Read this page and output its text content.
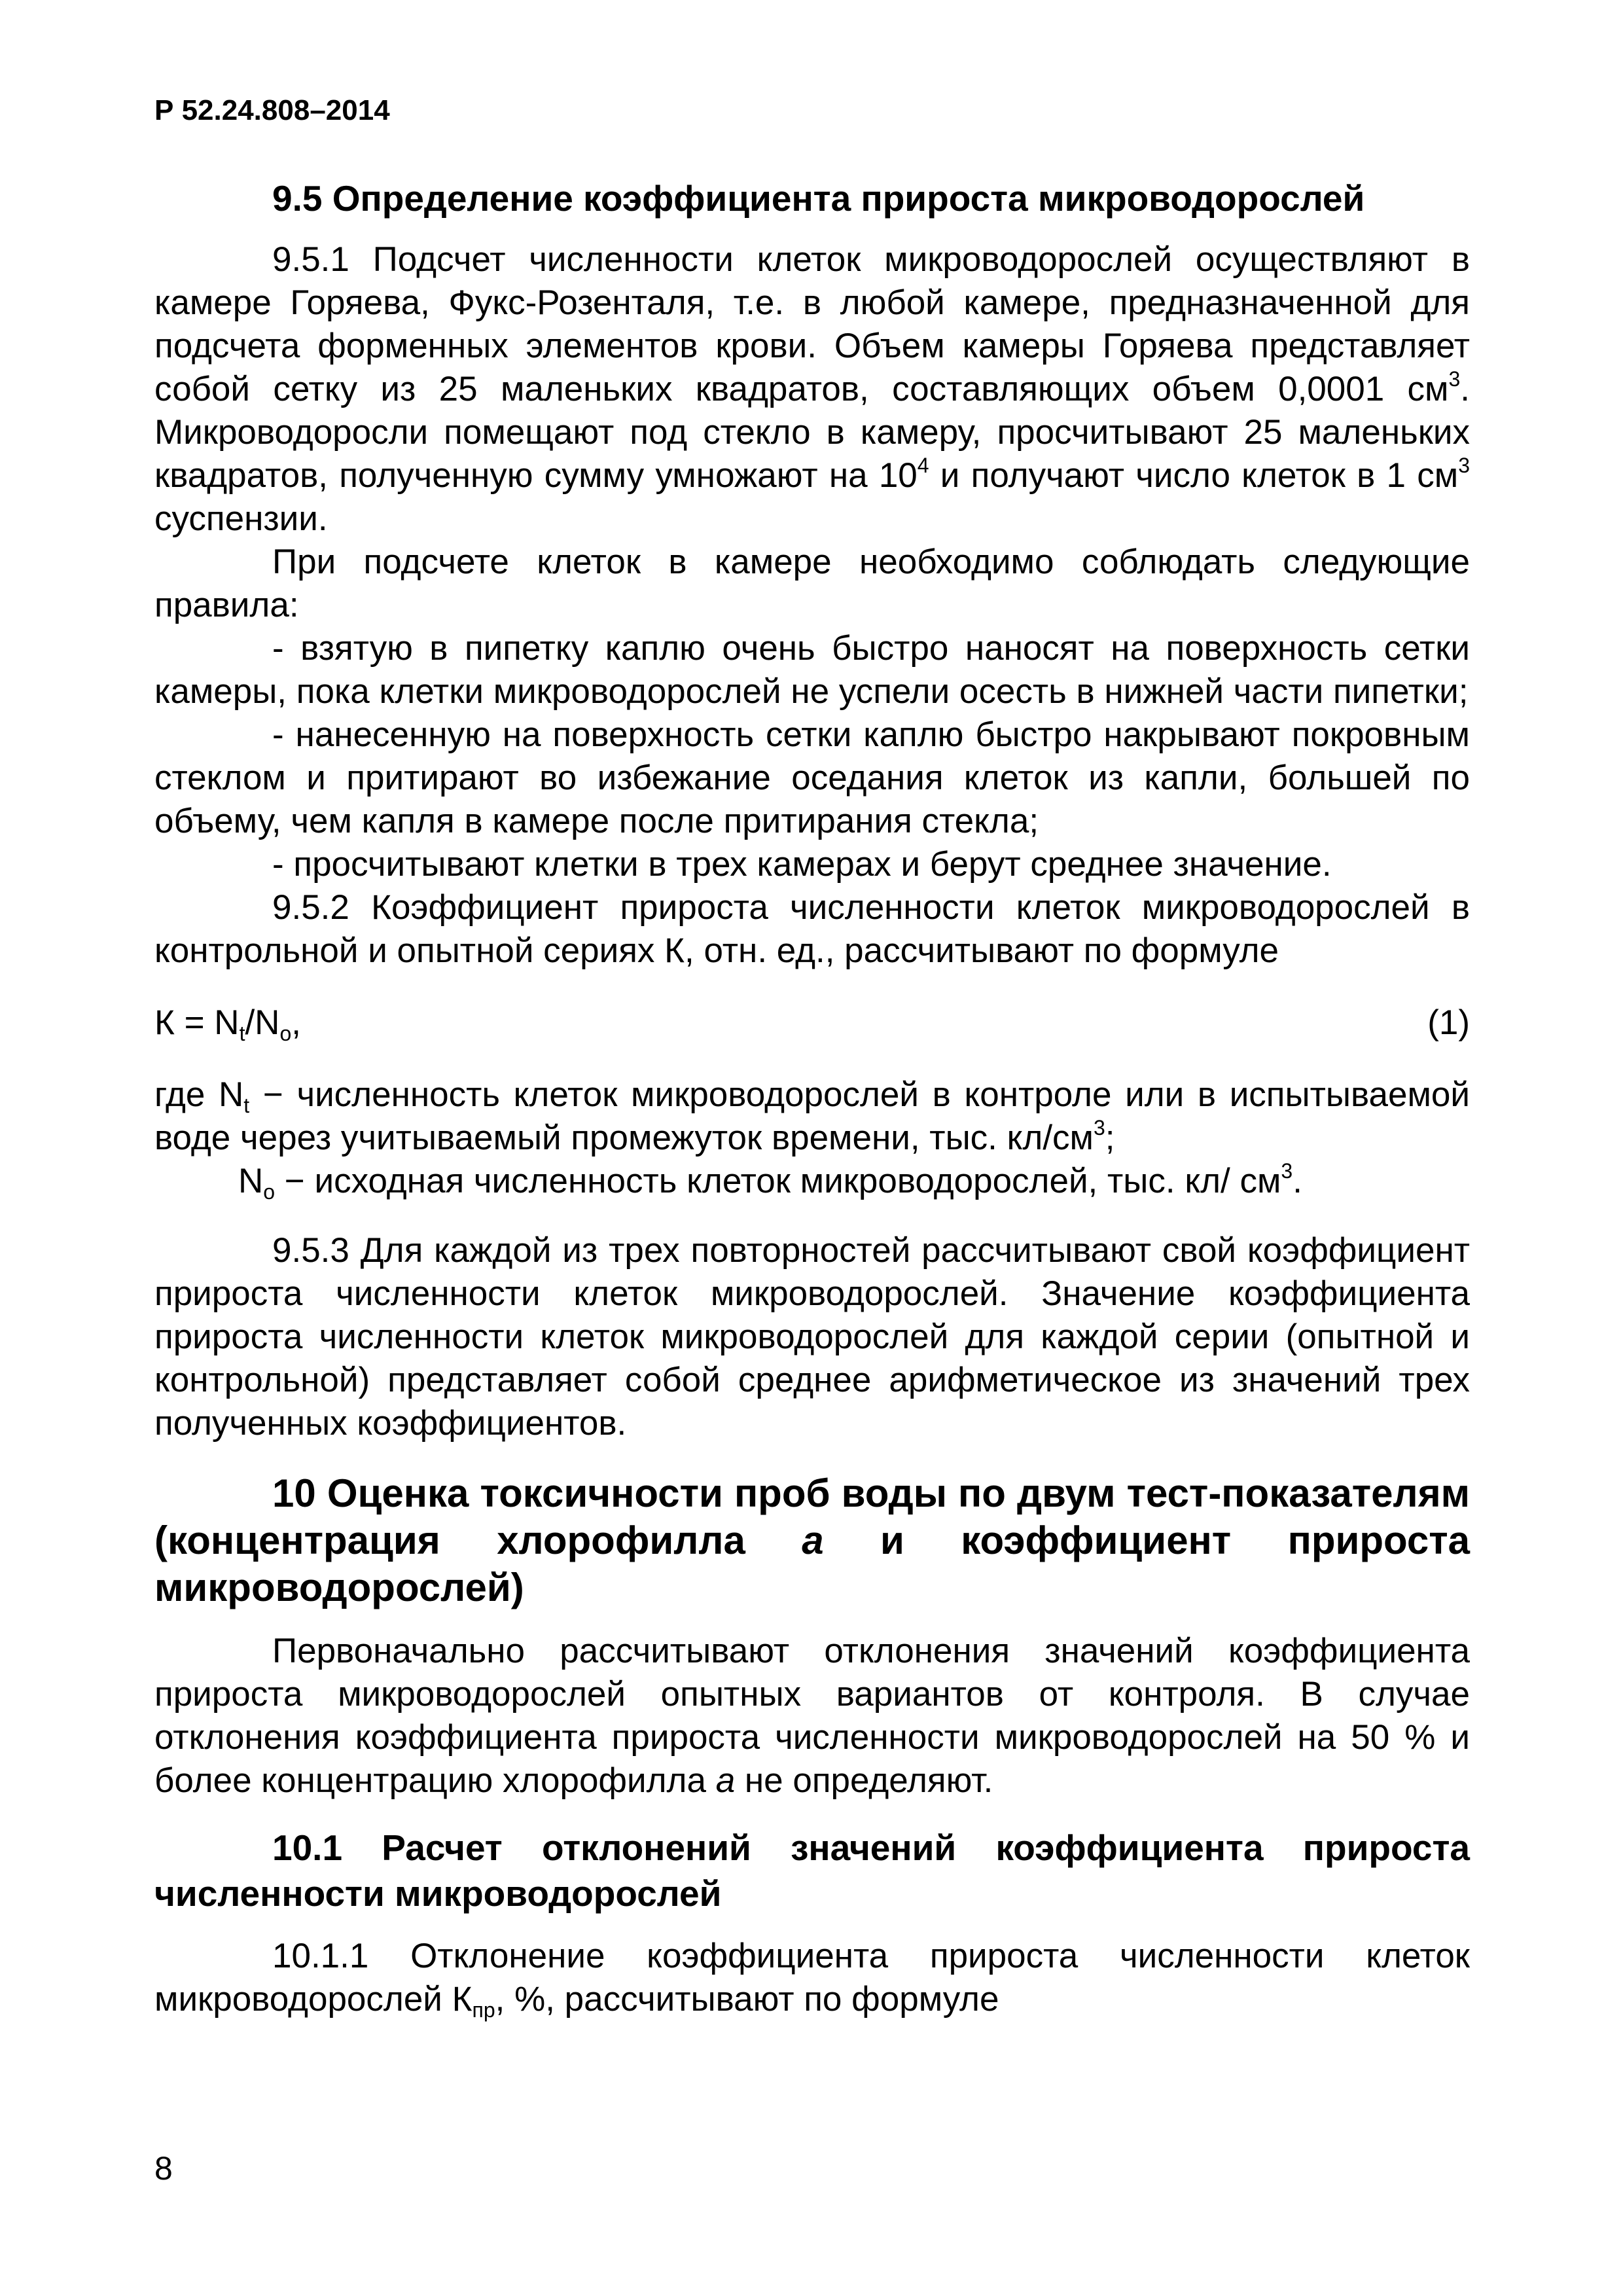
Р 52.24.808–2014

9.5 Определение коэффициента прироста микроводорослей

9.5.1 Подсчет численности клеток микроводорослей осуществляют в камере Горяева, Фукс-Розенталя, т.е. в любой камере, предназначенной для подсчета форменных элементов крови. Объем камеры Горяева представляет собой сетку из 25 маленьких квадратов, составляющих объем 0,0001 $см^3$. Микроводоросли помещают под стекло в камеру, просчитывают 25 маленьких квадратов, полученную сумму умножают на $10^4$ и получают число клеток в 1 $см^3$ суспензии.

При подсчете клеток в камере необходимо соблюдать следующие правила:

- взятую в пипетку каплю очень быстро наносят на поверхность сетки камеры, пока клетки микроводорослей не успели осесть в нижней части пипетки;

- нанесенную на поверхность сетки каплю быстро накрывают покровным стеклом и притирают во избежание оседания клеток из капли, большей по объему, чем капля в камере после притирания стекла;

- просчитывают клетки в трех камерах и берут среднее значение.

9.5.2 Коэффициент прироста численности клеток микроводорослей в контрольной и опытной сериях К, отн. ед., рассчитывают по формуле

$К = N_t/N_o$,	(1)

где $N_t$ − численность клеток микроводорослей в контроле или в испытываемой воде через учитываемый промежуток времени, тыс. $кл/см^3$;

$N_o$ − исходная численность клеток микроводорослей, тыс. кл/ $см^3$.

9.5.3 Для каждой из трех повторностей рассчитывают свой коэффициент прироста численности клеток микроводорослей. Значение коэффициента прироста численности клеток микроводорослей для каждой серии (опытной и контрольной) представляет собой среднее арифметическое из значений трех полученных коэффициентов.

10 Оценка токсичности проб воды по двум тест-показателям (концентрация хлорофилла а и коэффициент прироста микроводорослей)

Первоначально рассчитывают отклонения значений коэффициента прироста микроводорослей опытных вариантов от контроля. В случае отклонения коэффициента прироста численности микроводорослей на 50 % и более концентрацию хлорофилла а не определяют.

10.1 Расчет отклонений значений коэффициента прироста численности микроводорослей

10.1.1 Отклонение коэффициента прироста численности клеток микроводорослей $К_{пр}$, %, рассчитывают по формуле

8
